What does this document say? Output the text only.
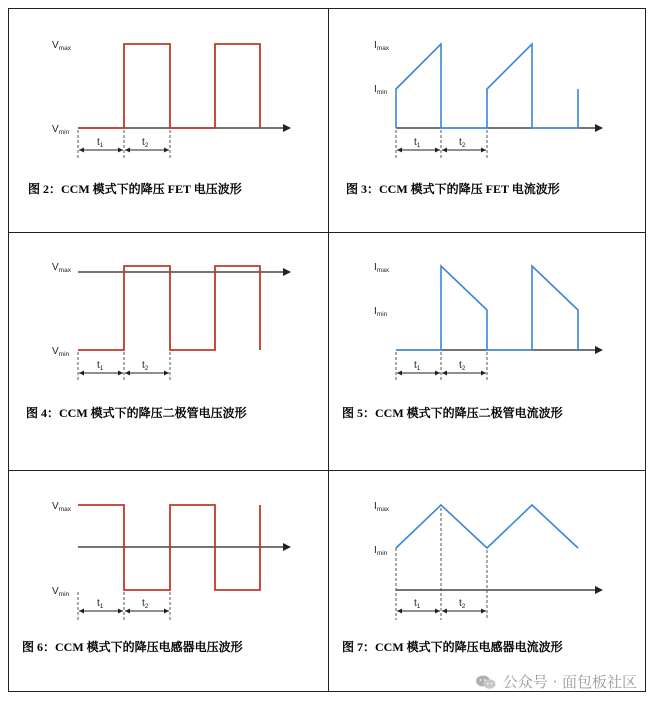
$V_{max}$
$V_{min}$
$t_1$	$t_2$
图 2：CCM 模式下的降压 FET 电压波形
$I_{max}$
$I_{min}$
$t_1$	$t_2$
图 3：CCM 模式下的降压 FET 电流波形
$V_{max}$
$V_{min}$
$t_1$	$t_2$
图 4：CCM 模式下的降压二极管电压波形
$I_{max}$
$I_{min}$
$t_1$	$t_2$
图 5：CCM 模式下的降压二极管电流波形
$V_{max}$
$V_{min}$
$t_1$	$t_2$
图 6：CCM 模式下的降压电感器电压波形
$I_{max}$
$I_{min}$
$t_1$	$t_2$
图 7：CCM 模式下的降压电感器电流波形
公众号 · 面包板社区
